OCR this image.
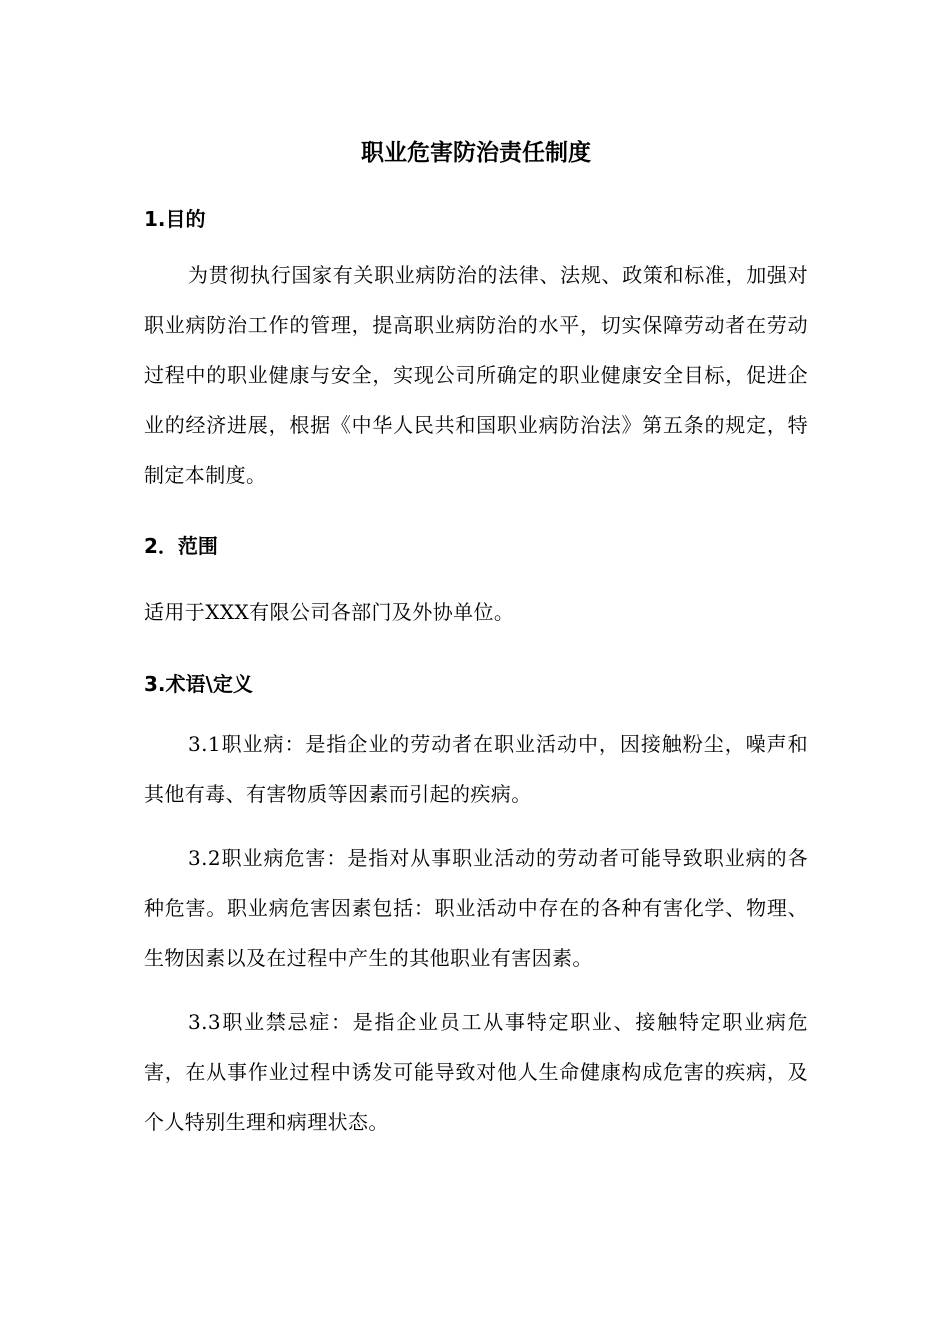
职业危害防治责任制度
1.目的

为贯彻执行国家有关职业病防治的法律、法规、政策和标准，加强对职业病防治工作的管理，提高职业病防治的水平，切实保障劳动者在劳动过程中的职业健康与安全，实现公司所确定的职业健康安全目标，促进企业的经济进展，根据《中华人民共和国职业病防治法》第五条的规定，特制定本制度。

2．范围

适用于XXX有限公司各部门及外协单位。

3.术语\定义

3.1职业病：是指企业的劳动者在职业活动中，因接触粉尘，噪声和其他有毒、有害物质等因素而引起的疾病。

3.2职业病危害：是指对从事职业活动的劳动者可能导致职业病的各种危害。职业病危害因素包括：职业活动中存在的各种有害化学、物理、生物因素以及在过程中产生的其他职业有害因素。

3.3职业禁忌症：是指企业员工从事特定职业、接触特定职业病危害，在从事作业过程中诱发可能导致对他人生命健康构成危害的疾病，及个人特别生理和病理状态。
